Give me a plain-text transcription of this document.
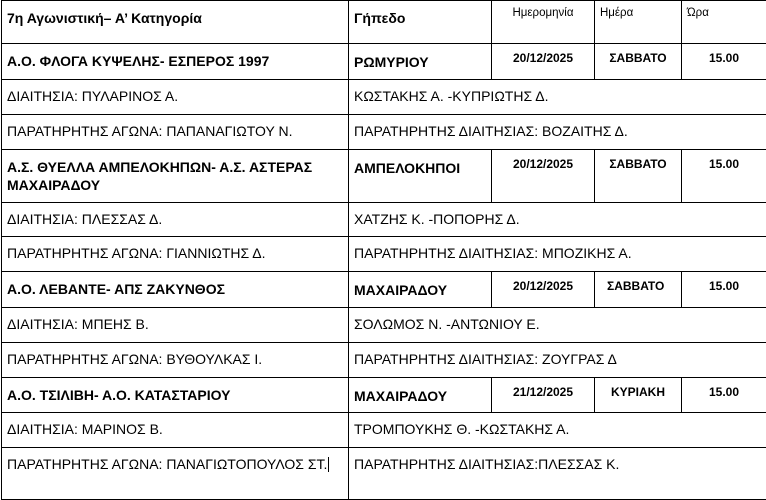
7η Αγωνιστική– Α’ Κατηγορία	Γήπεδο	Ημερομηνία	Ημέρα	Ώρα
Α.Ο. ΦΛΟΓΑ ΚΥΨΕΛΗΣ- ΕΣΠΕΡΟΣ 1997	ΡΩΜΥΡΙΟΥ	20/12/2025	ΣΑΒΒΑΤΟ	15.00
ΔΙΑΙΤΗΣΙΑ: ΠΥΛΑΡΙΝΟΣ Α.	ΚΩΣΤΑΚΗΣ Α. -ΚΥΠΡΙΩΤΗΣ Δ.			
ΠΑΡΑΤΗΡΗΤΗΣ ΑΓΩΝΑ: ΠΑΠΑΝΑΓΙΩΤΟΥ Ν.	ΠΑΡΑΤΗΡΗΤΗΣ ΔΙΑΙΤΗΣΙΑΣ: ΒΟΖΑΙΤΗΣ Δ.			
Α.Σ. ΘΥΕΛΛΑ ΑΜΠΕΛΟΚΗΠΩΝ- Α.Σ. ΑΣΤΕΡΑΣ ΜΑΧΑΙΡΑΔΟΥ	ΑΜΠΕΛΟΚΗΠΟΙ	20/12/2025	ΣΑΒΒΑΤΟ	15.00
ΔΙΑΙΤΗΣΙΑ: ΠΛΕΣΣΑΣ Δ.	ΧΑΤΖΗΣ Κ. -ΠΟΠΟΡΗΣ Δ.			
ΠΑΡΑΤΗΡΗΤΗΣ ΑΓΩΝΑ: ΓΙΑΝΝΙΩΤΗΣ Δ.	ΠΑΡΑΤΗΡΗΤΗΣ ΔΙΑΙΤΗΣΙΑΣ: ΜΠΟΖΙΚΗΣ Α.			
Α.Ο. ΛΕΒΑΝΤΕ- ΑΠΣ ΖΑΚΥΝΘΟΣ	ΜΑΧΑΙΡΑΔΟΥ	20/12/2025	ΣΑΒΒΑΤΟ	15.00
ΔΙΑΙΤΗΣΙΑ: ΜΠΕΗΣ Β.	ΣΟΛΩΜΟΣ Ν. -ΑΝΤΩΝΙΟΥ Ε.			
ΠΑΡΑΤΗΡΗΤΗΣ ΑΓΩΝΑ: ΒΥΘΟΥΛΚΑΣ Ι.	ΠΑΡΑΤΗΡΗΤΗΣ ΔΙΑΙΤΗΣΙΑΣ: ΖΟΥΓΡΑΣ Δ			
Α.Ο. ΤΣΙΛΙΒΗ- Α.Ο. ΚΑΤΑΣΤΑΡΙΟΥ	ΜΑΧΑΙΡΑΔΟΥ	21/12/2025	ΚΥΡΙΑΚΗ	15.00
ΔΙΑΙΤΗΣΙΑ: ΜΑΡΙΝΟΣ Β.	ΤΡΟΜΠΟΥΚΗΣ Θ. -ΚΩΣΤΑΚΗΣ Α.			
ΠΑΡΑΤΗΡΗΤΗΣ ΑΓΩΝΑ: ΠΑΝΑΓΙΩΤΟΠΟΥΛΟΣ ΣΤ.	ΠΑΡΑΤΗΡΗΤΗΣ ΔΙΑΙΤΗΣΙΑΣ:ΠΛΕΣΣΑΣ Κ.			
